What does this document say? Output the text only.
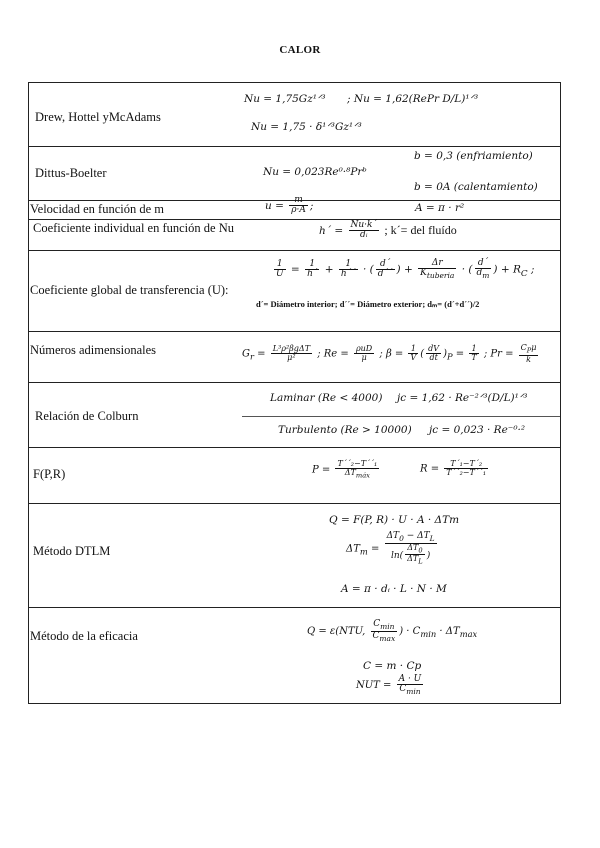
CALOR
Drew, Hottel yMcAdams
Nu = 1,75Gz¹ᐟ³ ; Nu = 1,62(RePr D/L)¹ᐟ³
Nu = 1,75 · δ¹ᐟ³Gz¹ᐟ³
Dittus-Boelter
b = 0,3 (enfriamiento)
Nu = 0,023Re⁰·⁸Prᵇ
b = 0A (calentamiento)
Velocidad en función de m	$u = \frac{m}{\rho\cdot A}$ ;	A = π · r²
Coeficiente individual en función de Nu	h´ = $\frac{Nu\cdot k´}{\text{dᵢ}}$ ; k´= del fluído
Coeficiente global de transferencia (U):
$\frac{1}{U} = \frac{1}{h´} + \frac{1}{h´´}$ · ( $\frac{d´}{d´´}$ ) + $\frac{\Delta r}{K_{tuberia}}$ · ( $\frac{d´}{d_m}$ ) + $R_C$ ;
d´= Diámetro interior; d´´= Diámetro exterior; dₘ= (d´+d´´)/2
Números adimensionales	$G_r = \frac{\text{L³ρ²βgΔT}}{\text{μ²}}$ ; $Re = \frac{\text{ρuD}}{\mu}$ ; $\beta = \frac{1}{V}$ ( $\frac{dV}{dt} )_P = \frac{1}{T}$ ; $Pr = \frac{C_P\mu}{k}$
Relación de Colburn
Laminar (Re < 4000) jc = 1,62 · Re⁻²ᐟ³(D/L)¹ᐟ³
Turbulento (Re > 10000) jc = 0,023 · Re⁻⁰·²
F(P,R)	$P = \frac{\text{T´´₂−T´´₁}}{\Delta T_{máx}}$	$R = \frac{\text{T´₁−T´₂}}{\text{T´´₂−T´´₁}}$
Método DTLM
Q = F(P, R) · U · A · ΔTm
$\Delta T_m = \frac{\Delta T_0 - \Delta T_L}{\ln( \frac{\Delta T_0}{\Delta T_L} )}$
A = π · dᵢ · L · N · M
Método de la eficacia	Q = ε(NTU, $\frac{C_{min}}{C_{max}}$ ) · $C_{min} \cdot \Delta T_{max}$
C = m · Cp
NUT = $\frac{A \cdot U}{C_{min}}$
